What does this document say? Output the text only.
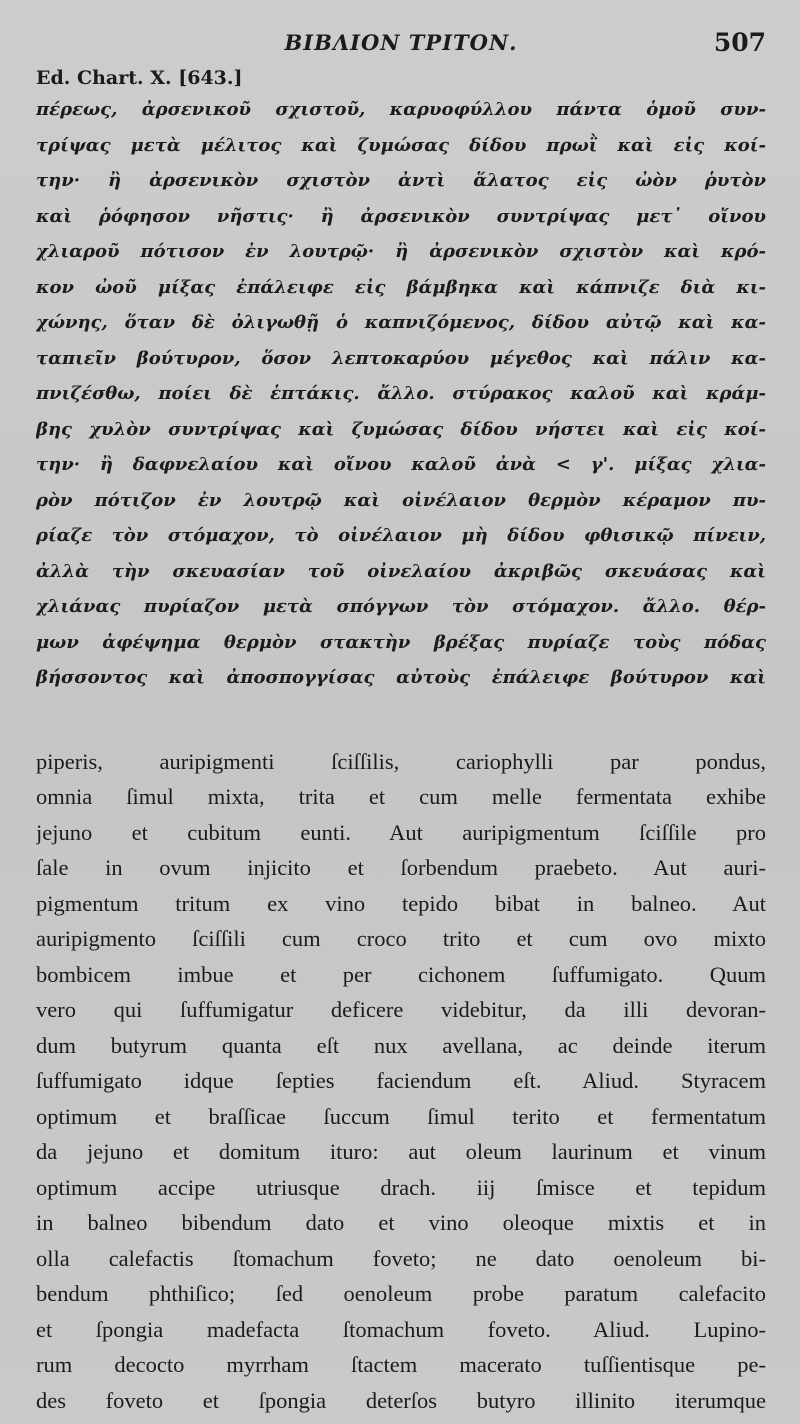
BIBΛΙΟΝ ΤΡΙΤΟΝ.	507
Ed. Chart. X. [643.]
πέρεως, ἀρσενικοῦ σχιστοῦ, καρυοφύλλου πάντα ὁμοῦ συν-
τρίψας μετὰ μέλιτος καὶ ζυμώσας δίδου πρωῒ καὶ εἰς κοί-
την· ἢ ἀρσενικὸν σχιστὸν ἀντὶ ἅλατος εἰς ὠὸν ῥυτὸν
καὶ ῥόφησον νῆστις· ἢ ἀρσενικὸν συντρίψας μετ᾽ οἴνου
χλιαροῦ πότισον ἐν λουτρῷ· ἢ ἀρσενικὸν σχιστὸν καὶ κρό-
κον ὠοῦ μίξας ἐπάλειφε εἰς βάμβηκα καὶ κάπνιζε διὰ κι-
χώνης, ὅταν δὲ ὀλιγωθῇ ὁ καπνιζόμενος, δίδου αὐτῷ καὶ κα-
ταπιεῖν βούτυρον, ὅσον λεπτοκαρύου μέγεθος καὶ πάλιν κα-
πνιζέσθω, ποίει δὲ ἑπτάκις. ἄλλο. στύρακος καλοῦ καὶ κράμ-
βης χυλὸν συντρίψας καὶ ζυμώσας δίδου νήστει καὶ εἰς κοί-
την· ἢ δαφνελαίου καὶ οἴνου καλοῦ ἀνὰ < γ'. μίξας χλια-
ρὸν πότιζον ἐν λουτρῷ καὶ οἰνέλαιον θερμὸν κέραμον πυ-
ρίαζε τὸν στόμαχον, τὸ οἰνέλαιον μὴ δίδου φθισικῷ πίνειν,
ἀλλὰ τὴν σκευασίαν τοῦ οἰνελαίου ἀκριβῶς σκευάσας καὶ
χλιάνας πυρίαζον μετὰ σπόγγων τὸν στόμαχον. ἄλλο. θέρ-
μων ἀφέψημα θερμὸν στακτὴν βρέξας πυρίαζε τοὺς πόδας
βήσσοντος καὶ ἀποσπογγίσας αὐτοὺς ἐπάλειφε βούτυρον καὶ
piperis, auripigmenti ſciſſilis, cariophylli par pondus,
omnia ſimul mixta, trita et cum melle fermentata exhibe
jejuno et cubitum eunti. Aut auripigmentum ſciſſile pro
ſale in ovum injicito et ſorbendum praebeto. Aut auri-
pigmentum tritum ex vino tepido bibat in balneo. Aut
auripigmento ſciſſili cum croco trito et cum ovo mixto
bombicem imbue et per cichonem ſuffumigato. Quum
vero qui ſuffumigatur deficere videbitur, da illi devoran-
dum butyrum quanta eſt nux avellana, ac deinde iterum
ſuffumigato idque ſepties faciendum eſt. Aliud. Styracem
optimum et braſſicae ſuccum ſimul terito et fermentatum
da jejuno et domitum ituro: aut oleum laurinum et vinum
optimum accipe utriusque drach. iij ſmisce et tepidum
in balneo bibendum dato et vino oleoque mixtis et in
olla calefactis ſtomachum foveto; ne dato oenoleum bi-
bendum phthiſico; ſed oenoleum probe paratum calefacito
et ſpongia madefacta ſtomachum foveto. Aliud. Lupino-
rum decocto myrrham ſtactem macerato tuſſientisque pe-
des foveto et ſpongia deterſos butyro illinito iterumque
